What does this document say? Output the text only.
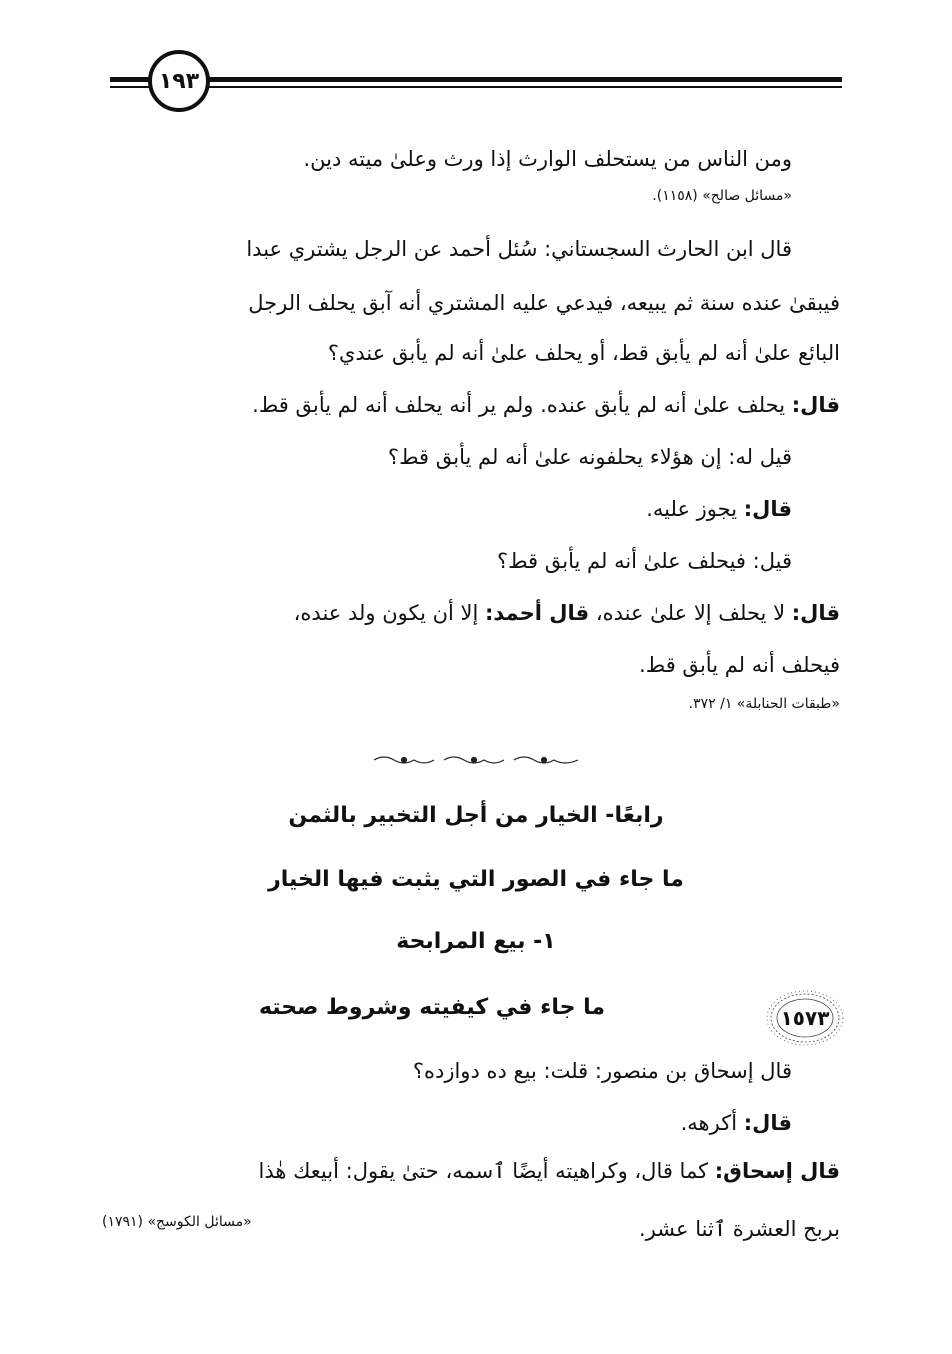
١٩٣
ومن الناس من يستحلف الوارث إذا ورث وعلىٰ ميته دين.
«مسائل صالح» (١١٥٨).
قال ابن الحارث السجستاني: سُئل أحمد عن الرجل يشتري عبدا
فيبقىٰ عنده سنة ثم يبيعه، فيدعي عليه المشتري أنه آبق يحلف الرجل
البائع علىٰ أنه لم يأبق قط، أو يحلف علىٰ أنه لم يأبق عندي؟
قال: يحلف علىٰ أنه لم يأبق عنده. ولم ير أنه يحلف أنه لم يأبق قط.
قيل له: إن هؤلاء يحلفونه علىٰ أنه لم يأبق قط؟
قال: يجوز عليه.
قيل: فيحلف علىٰ أنه لم يأبق قط؟
قال: لا يحلف إلا علىٰ عنده، قال أحمد: إلا أن يكون ولد عنده،
فيحلف أنه لم يأبق قط.
«طبقات الحنابلة» ١/ ٣٧٢.
رابعًا- الخيار من أجل التخبير بالثمن
ما جاء في الصور التي يثبت فيها الخيار
١- بيع المرابحة
ما جاء في كيفيته وشروط صحته	١٥٧٣
قال إسحاق بن منصور: قلت: بيع ده دوازده؟
قال: أكرهه.
قال إسحاق: كما قال، وكراهيته أيضًا ٱسمه، حتىٰ يقول: أبيعك هٰذا
بربح العشرة ٱثنا عشر.
«مسائل الكوسج» (١٧٩١)
